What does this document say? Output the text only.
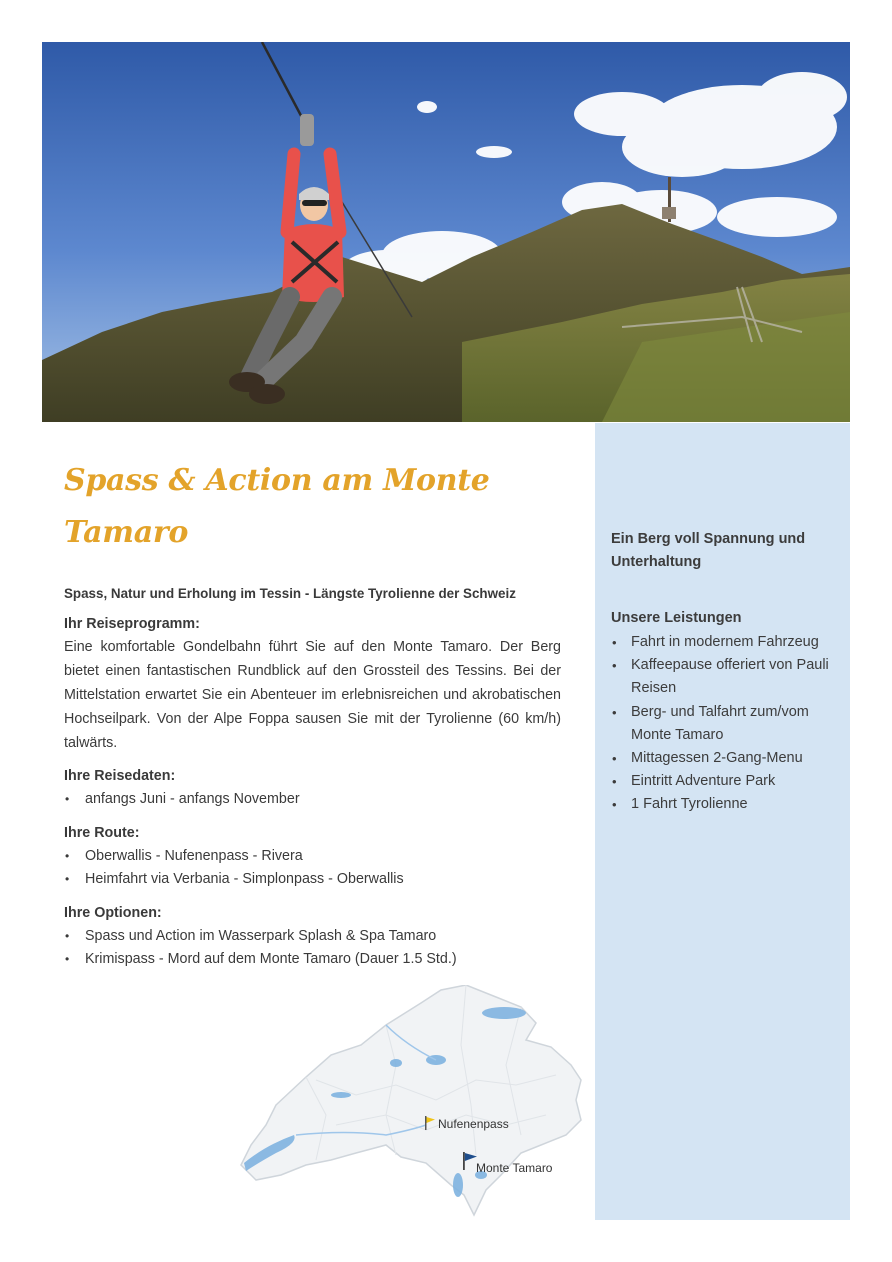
Ein Berg voll Spannung und Unterhaltung

Unsere Leistungen

• Fahrt in modernem Fahrzeug
• Kaffeepause offeriert von Pauli Reisen
• Berg- und Talfahrt zum/vom Monte Tamaro
• Mittagessen 2-Gang-Menu
• Eintritt Adventure Park
• 1 Fahrt Tyrolienne
Spass & Action am Monte Tamaro

Spass, Natur und Erholung im Tessin - Längste Tyrolienne der Schweiz

Ihr Reiseprogramm:

Eine komfortable Gondelbahn führt Sie auf den Monte Tamaro. Der Berg bietet einen fantastischen Rundblick auf den Grossteil des Tessins. Bei der Mittelstation erwartet Sie ein Abenteuer im erlebnisreichen und akrobatischen Hochseilpark. Von der Alpe Foppa sausen Sie mit der Tyrolienne (60 km/h) talwärts.

Ihre Reisedaten:

• anfangs Juni - anfangs November

Ihre Route:

• Oberwallis - Nufenenpass - Rivera
• Heimfahrt via Verbania - Simplonpass - Oberwallis

Ihre Optionen:

• Spass und Action im Wasserpark Splash & Spa Tamaro
• Krimispass - Mord auf dem Monte Tamaro (Dauer 1.5 Std.)
Nufenenpass
Monte Tamaro
